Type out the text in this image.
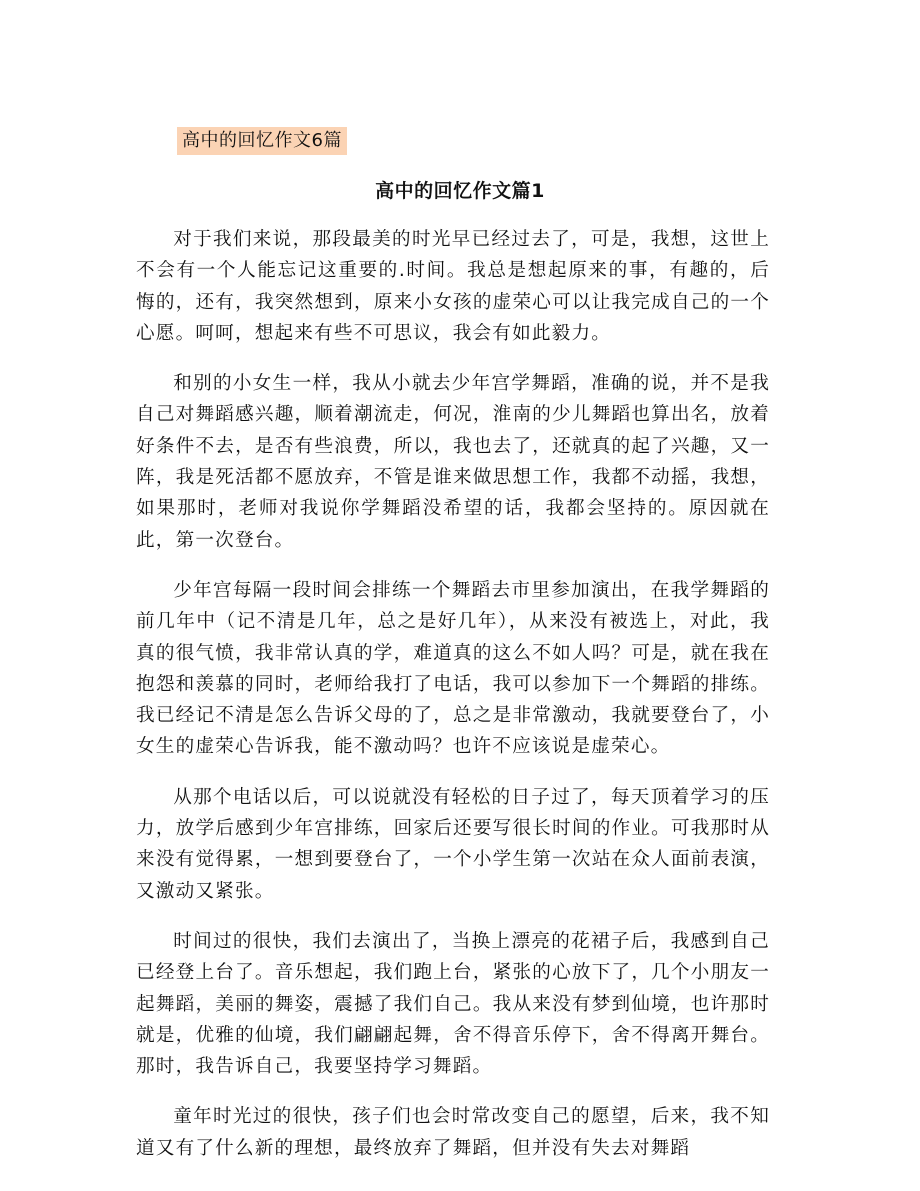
高中的回忆作文6篇
高中的回忆作文篇1

对于我们来说，那段最美的时光早已经过去了，可是，我想，这世上不会有一个人能忘记这重要的.时间。我总是想起原来的事，有趣的，后悔的，还有，我突然想到，原来小女孩的虚荣心可以让我完成自己的一个心愿。呵呵，想起来有些不可思议，我会有如此毅力。

和别的小女生一样，我从小就去少年宫学舞蹈，准确的说，并不是我自己对舞蹈感兴趣，顺着潮流走，何况，淮南的少儿舞蹈也算出名，放着好条件不去，是否有些浪费，所以，我也去了，还就真的起了兴趣，又一阵，我是死活都不愿放弃，不管是谁来做思想工作，我都不动摇，我想，如果那时，老师对我说你学舞蹈没希望的话，我都会坚持的。原因就在此，第一次登台。

少年宫每隔一段时间会排练一个舞蹈去市里参加演出，在我学舞蹈的前几年中（记不清是几年，总之是好几年），从来没有被选上，对此，我真的很气愤，我非常认真的学，难道真的这么不如人吗？可是，就在我在抱怨和羡慕的同时，老师给我打了电话，我可以参加下一个舞蹈的排练。我已经记不清是怎么告诉父母的了，总之是非常激动，我就要登台了，小女生的虚荣心告诉我，能不激动吗？也许不应该说是虚荣心。

从那个电话以后，可以说就没有轻松的日子过了，每天顶着学习的压力，放学后感到少年宫排练，回家后还要写很长时间的作业。可我那时从来没有觉得累，一想到要登台了，一个小学生第一次站在众人面前表演，又激动又紧张。

时间过的很快，我们去演出了，当换上漂亮的花裙子后，我感到自己已经登上台了。音乐想起，我们跑上台，紧张的心放下了，几个小朋友一起舞蹈，美丽的舞姿，震撼了我们自己。我从来没有梦到仙境，也许那时就是，优雅的仙境，我们翩翩起舞，舍不得音乐停下，舍不得离开舞台。那时，我告诉自己，我要坚持学习舞蹈。

童年时光过的很快，孩子们也会时常改变自己的愿望，后来，我不知道又有了什么新的理想，最终放弃了舞蹈，但并没有失去对舞蹈
